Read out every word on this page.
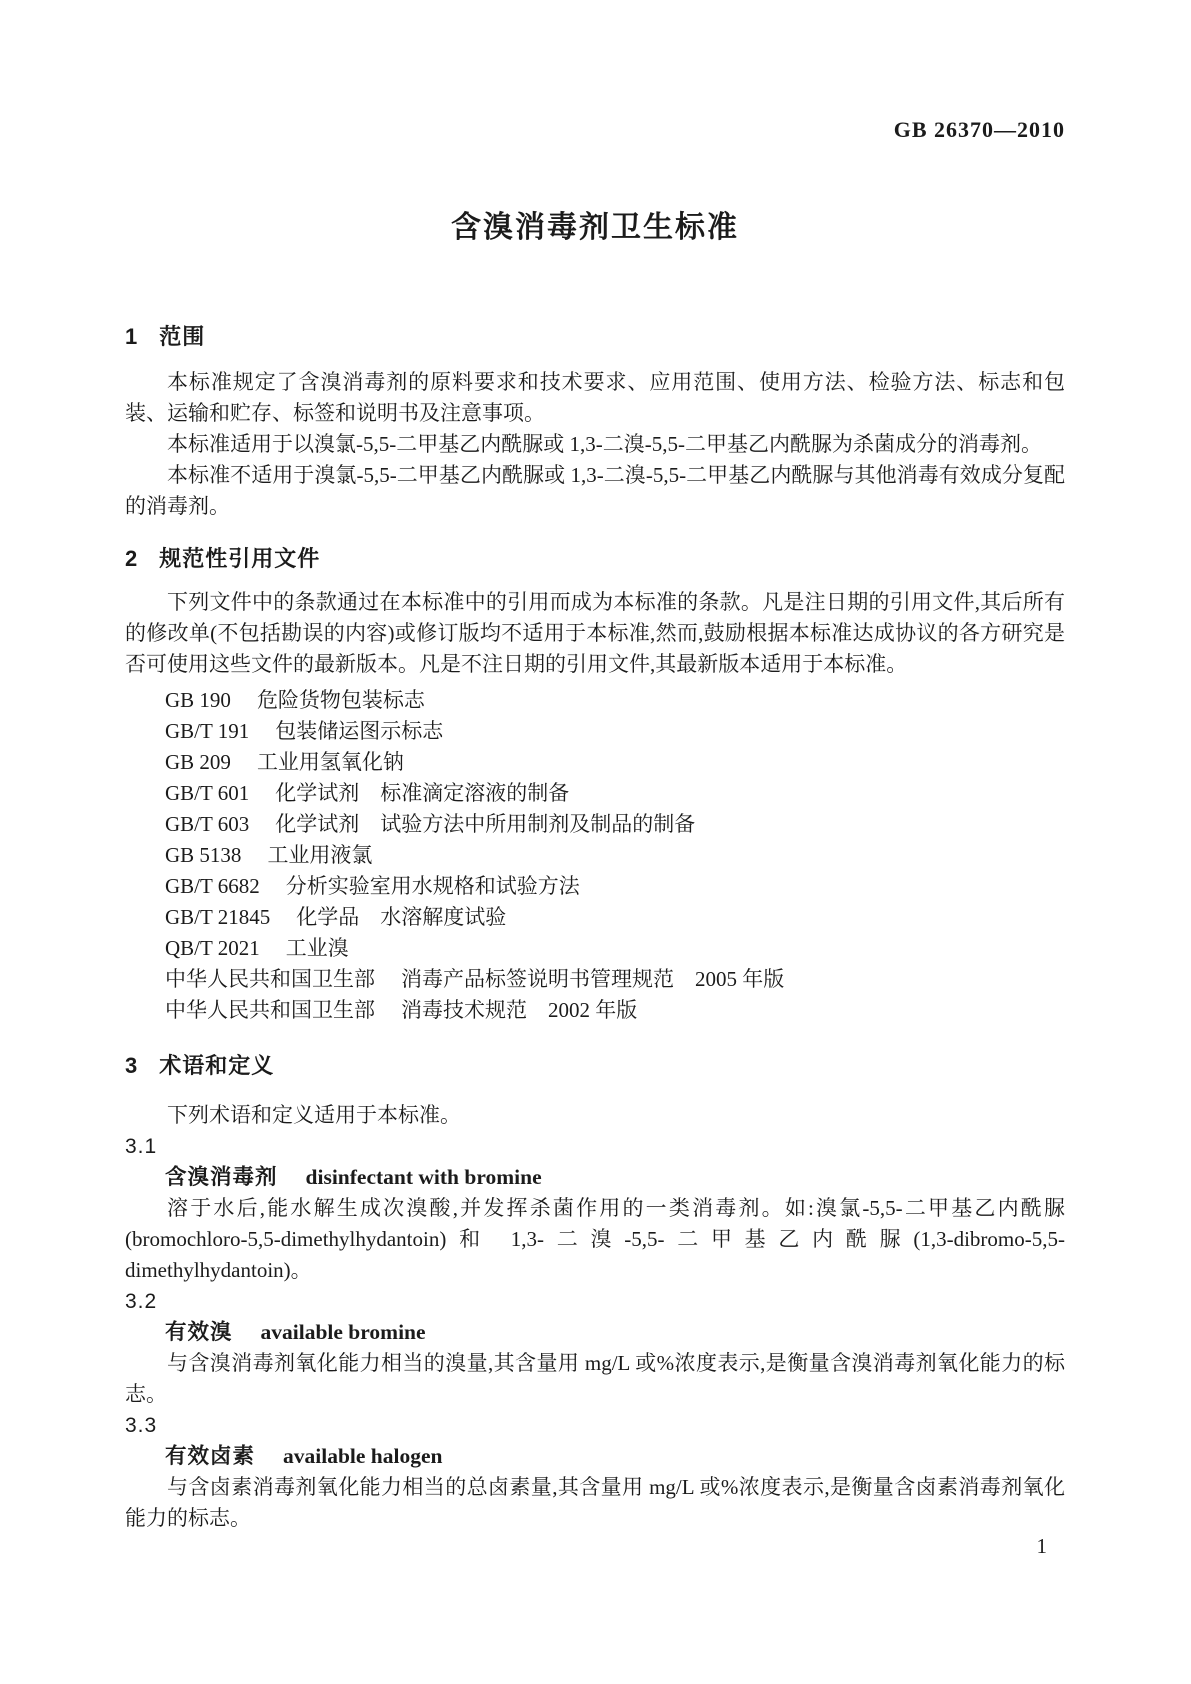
GB 26370—2010
含溴消毒剂卫生标准
1 范围

本标准规定了含溴消毒剂的原料要求和技术要求、应用范围、使用方法、检验方法、标志和包装、运输和贮存、标签和说明书及注意事项。

本标准适用于以溴氯-5,5-二甲基乙内酰脲或 1,3-二溴-5,5-二甲基乙内酰脲为杀菌成分的消毒剂。

本标准不适用于溴氯-5,5-二甲基乙内酰脲或 1,3-二溴-5,5-二甲基乙内酰脲与其他消毒有效成分复配的消毒剂。

2 规范性引用文件

下列文件中的条款通过在本标准中的引用而成为本标准的条款。凡是注日期的引用文件,其后所有的修改单(不包括勘误的内容)或修订版均不适用于本标准,然而,鼓励根据本标准达成协议的各方研究是否可使用这些文件的最新版本。凡是不注日期的引用文件,其最新版本适用于本标准。

GB 190 危险货物包装标志
GB/T 191 包装储运图示标志
GB 209 工业用氢氧化钠
GB/T 601 化学试剂　标准滴定溶液的制备
GB/T 603 化学试剂　试验方法中所用制剂及制品的制备
GB 5138 工业用液氯
GB/T 6682 分析实验室用水规格和试验方法
GB/T 21845 化学品　水溶解度试验
QB/T 2021 工业溴
中华人民共和国卫生部 消毒产品标签说明书管理规范　2005 年版
中华人民共和国卫生部 消毒技术规范　2002 年版
3 术语和定义

下列术语和定义适用于本标准。

3.1
含溴消毒剂 disinfectant with bromine

溶于水后,能水解生成次溴酸,并发挥杀菌作用的一类消毒剂。如:溴氯-5,5-二甲基乙内酰脲(bromochloro-5,5-dimethylhydantoin)和 1,3-二溴-5,5-二甲基乙内酰脲(1,3-dibromo-5,5-dimethylhydantoin)。

3.2
有效溴 available bromine

与含溴消毒剂氧化能力相当的溴量,其含量用 mg/L 或%浓度表示,是衡量含溴消毒剂氧化能力的标志。

3.3
有效卤素 available halogen

与含卤素消毒剂氧化能力相当的总卤素量,其含量用 mg/L 或%浓度表示,是衡量含卤素消毒剂氧化能力的标志。

1
